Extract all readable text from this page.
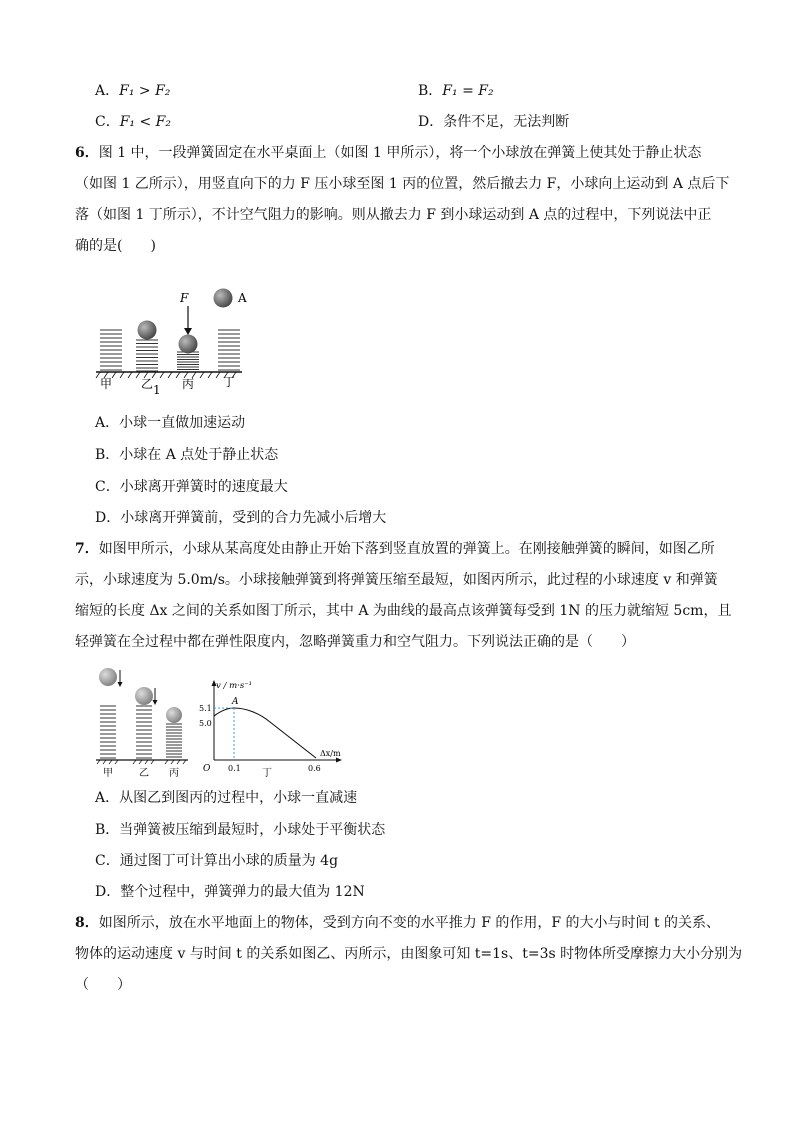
A．F₁ > F₂	B．F₁ = F₂
C．F₁ < F₂	D．条件不足，无法判断
6．图 1 中，一段弹簧固定在水平桌面上（如图 1 甲所示），将一个小球放在弹簧上使其处于静止状态
（如图 1 乙所示），用竖直向下的力 F 压小球至图 1 丙的位置，然后撤去力 F，小球向上运动到 A 点后下
落（如图 1 丁所示），不计空气阻力的影响。则从撤去力 F 到小球运动到 A 点的过程中，下列说法中正
确的是(　　)
F	A
甲 乙 1 丙 丁
A．小球一直做加速运动
B．小球在 A 点处于静止状态
C．小球离开弹簧时的速度最大
D．小球离开弹簧前，受到的合力先减小后增大
7．如图甲所示，小球从某高度处由静止开始下落到竖直放置的弹簧上。在刚接触弹簧的瞬间，如图乙所
示，小球速度为 5.0m/s。小球接触弹簧到将弹簧压缩至最短，如图丙所示，此过程的小球速度 v 和弹簧
缩短的长度 Δx 之间的关系如图丁所示，其中 A 为曲线的最高点该弹簧每受到 1N 的压力就缩短 5cm，且
轻弹簧在全过程中都在弹性限度内，忽略弹簧重力和空气阻力。下列说法正确的是（　　）
甲	乙 丙
v / m·s⁻¹
Δx/m
5.1
5.0
O 0.1	0.6
A
丁
A．从图乙到图丙的过程中，小球一直减速
B．当弹簧被压缩到最短时，小球处于平衡状态
C．通过图丁可计算出小球的质量为 4g
D．整个过程中，弹簧弹力的最大值为 12N
8．如图所示，放在水平地面上的物体，受到方向不变的水平推力 F 的作用，F 的大小与时间 t 的关系、
物体的运动速度 v 与时间 t 的关系如图乙、丙所示，由图象可知 t=1s、t=3s 时物体所受摩擦力大小分别为
（　　）
